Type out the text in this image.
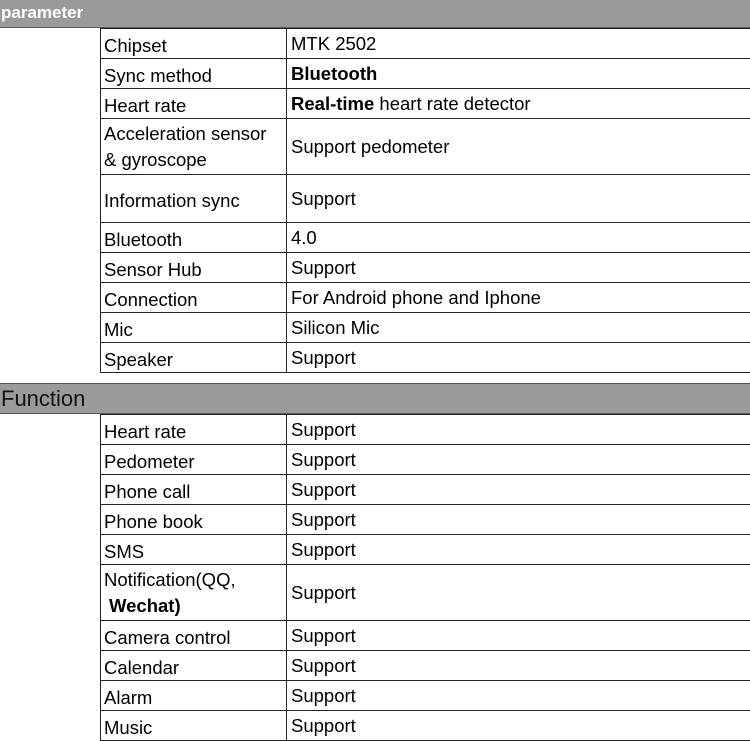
parameter
Chipset	MTK 2502
Sync method	Bluetooth
Heart rate	Real-time heart rate detector
Acceleration sensor & gyroscope	Support pedometer
Information sync	Support
Bluetooth	4.0
Sensor Hub	Support
Connection	For Android phone and Iphone
Mic	Silicon Mic
Speaker	Support
Function
Heart rate	Support
Pedometer	Support
Phone call	Support
Phone book	Support
SMS	Support

Notification(QQ,
Wechat)	Support
Camera control	Support
Calendar	Support
Alarm	Support
Music	Support
